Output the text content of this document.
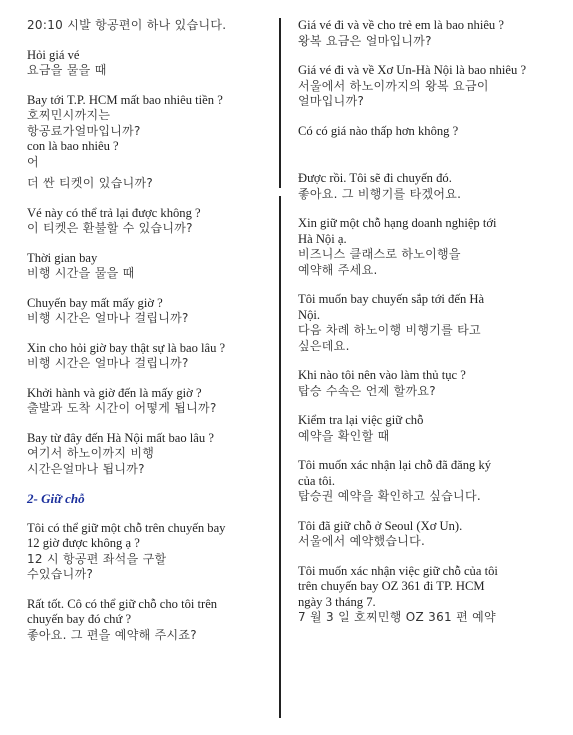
20:10 시발 항공편이 하나 있습니다.
Hỏi giá vé
요금을 물을 때
Bay tới T.P. HCM mất bao nhiêu tiền ?
호찌민시까지는
항공료가얼마입니까?
con là bao nhiêu ?
어
더 싼 티켓이 있습니까?
Vé này có thể trả lại được không ?
이 티켓은 환불할 수 있습니까?
Thời gian bay
비행 시간을 물을 때
Chuyến bay mất mấy giờ ?
비행 시간은 얼마나 걸립니까?
Xin cho hỏi giờ bay thật sự là bao lâu ?
비행 시간은 얼마나 걸립니까?
Khởi hành và giờ đến là mấy giờ ?
출발과 도착 시간이 어떻게 됩니까?
Bay từ đây đến Hà Nội mất bao lâu ?
여기서 하노이까지 비행
시간은얼마나 됩니까?
2- Giữ chỗ
Tôi có thể giữ một chỗ trên chuyến bay
12 giờ được không ạ ?
12 시 항공편 좌석을 구할
수있습니까?
Rất tốt. Cô có thể giữ chỗ cho tôi trên
chuyến bay đó chứ ?
좋아요. 그 편을 예약해 주시죠?
Giá vé đi và về cho trẻ em là bao nhiêu ?
왕복 요금은 얼마입니까?
Giá vé đi và về Xơ Un-Hà Nội là bao nhiêu ?
서울에서 하노이까지의 왕복 요금이
얼마입니까?
Có có giá nào thấp hơn không ?
Được rồi. Tôi sẽ đi chuyến đó.
좋아요. 그 비행기를 타겠어요.
Xin giữ một chỗ hạng doanh nghiệp tới
Hà Nội ạ.
비즈니스 클래스로 하노이행을
예약해 주세요.
Tôi muốn bay chuyến sắp tới đến Hà
Nội.
다음 차례 하노이행 비행기를 타고
싶은데요.
Khi nào tôi nên vào làm thủ tục ?
탑승 수속은 언제 할까요?
Kiểm tra lại việc giữ chỗ
예약을 확인할 때
Tôi muốn xác nhận lại chỗ đã đăng ký
của tôi.
탑승권 예약을 확인하고 싶습니다.
Tôi đã giữ chỗ ở Seoul (Xơ Un).
서울에서 예약했습니다.
Tôi muốn xác nhận việc giữ chỗ của tôi
trên chuyến bay OZ 361 đi TP. HCM
ngày 3 tháng 7.
7 월 3 일 호찌민행 OZ 361 편 예약
